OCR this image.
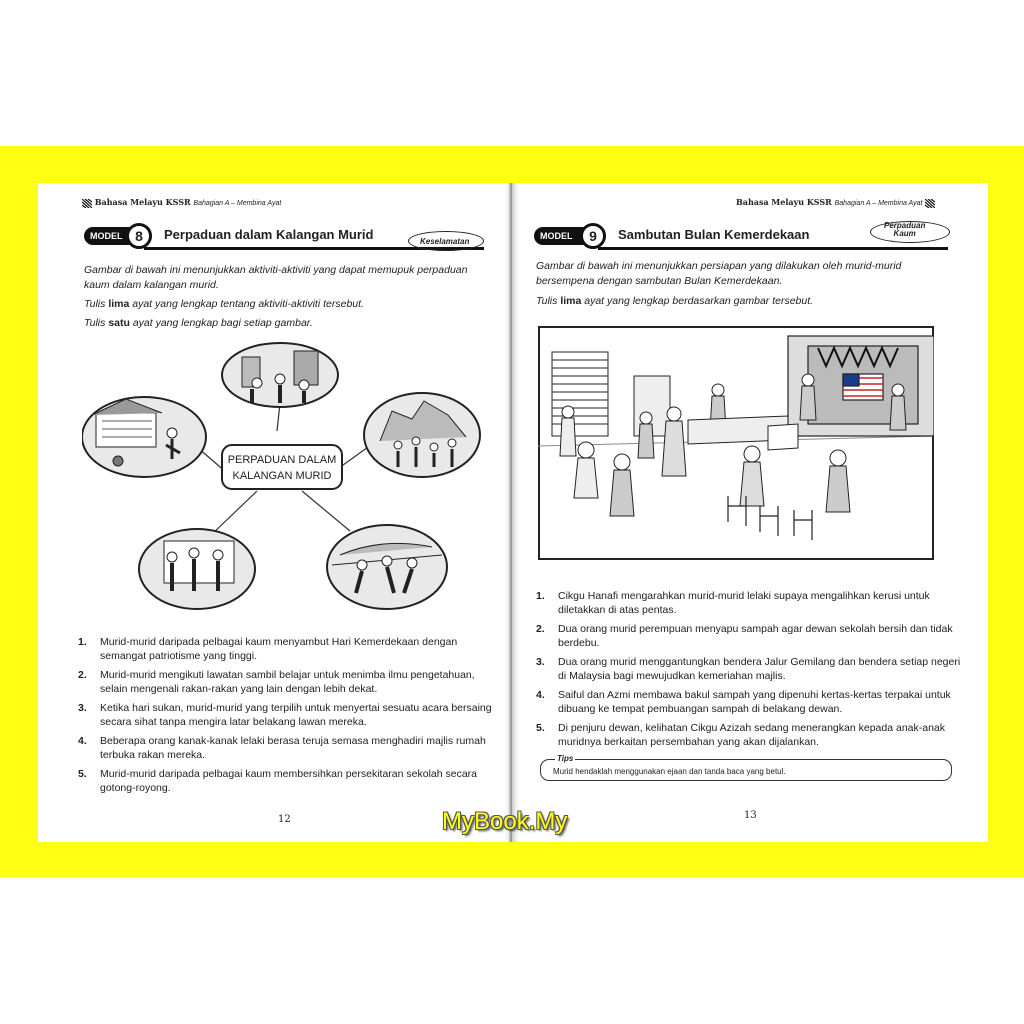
Bahasa Melayu KSSR Bahagian A – Membina Ayat
MODEL 8	Perpaduan dalam Kalangan Murid	Keselamatan

Gambar di bawah ini menunjukkan aktiviti-aktiviti yang dapat memupuk perpaduan kaum dalam kalangan murid.

Tulis lima ayat yang lengkap tentang aktiviti-aktiviti tersebut.

Tulis satu ayat yang lengkap bagi setiap gambar.

PERPADUAN DALAM
KALANGAN MURID
1. Murid-murid daripada pelbagai kaum menyambut Hari Kemerdekaan dengan semangat patriotisme yang tinggi.
2. Murid-murid mengikuti lawatan sambil belajar untuk menimba ilmu pengetahuan, selain mengenali rakan-rakan yang lain dengan lebih dekat.
3. Ketika hari sukan, murid-murid yang terpilih untuk menyertai sesuatu acara bersaing secara sihat tanpa mengira latar belakang lawan mereka.
4. Beberapa orang kanak-kanak lelaki berasa teruja semasa menghadiri majlis rumah terbuka rakan mereka.
5. Murid-murid daripada pelbagai kaum membersihkan persekitaran sekolah secara gotong-royong.
12
Bahasa Melayu KSSR Bahagian A – Membina Ayat
MODEL	9	Sambutan Bulan Kemerdekaan
Perpaduan
Kaum

Gambar di bawah ini menunjukkan persiapan yang dilakukan oleh murid-murid bersempena dengan sambutan Bulan Kemerdekaan.

Tulis lima ayat yang lengkap berdasarkan gambar tersebut.

1. Cikgu Hanafi mengarahkan murid-murid lelaki supaya mengalihkan kerusi untuk diletakkan di atas pentas.
2. Dua orang murid perempuan menyapu sampah agar dewan sekolah bersih dan tidak berdebu.
3. Dua orang murid menggantungkan bendera Jalur Gemilang dan bendera setiap negeri di Malaysia bagi mewujudkan kemeriahan majlis.
4. Saiful dan Azmi membawa bakul sampah yang dipenuhi kertas-kertas terpakai untuk dibuang ke tempat pembuangan sampah di belakang dewan.
5. Di penjuru dewan, kelihatan Cikgu Azizah sedang menerangkan kepada anak-anak muridnya berkaitan persembahan yang akan dijalankan.
Tips
Murid hendaklah menggunakan ejaan dan tanda baca yang betul.
13
MyBook.My
